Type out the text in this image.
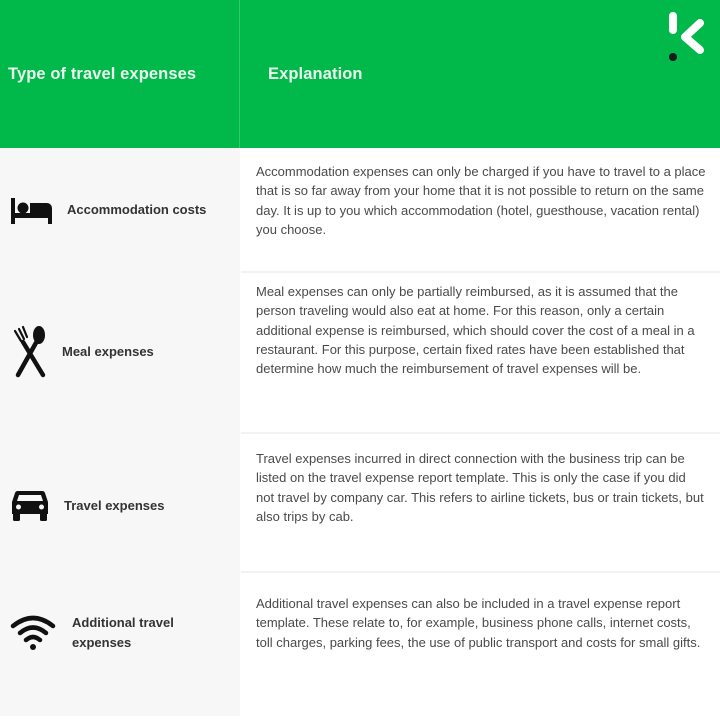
Type of travel expenses	Explanation
Accommodation costs
Accommodation expenses can only be charged if you have to travel to a place that is so far away from your home that it is not possible to return on the same day. It is up to you which accommodation (hotel, guesthouse, vacation rental) you choose.
Meal expenses
Meal expenses can only be partially reimbursed, as it is assumed that the person traveling would also eat at home. For this reason, only a certain additional expense is reimbursed, which should cover the cost of a meal in a restaurant. For this purpose, certain fixed rates have been established that determine how much the reimbursement of travel expenses will be.
Travel expenses
Travel expenses incurred in direct connection with the business trip can be listed on the travel expense report template. This is only the case if you did not travel by company car. This refers to airline tickets, bus or train tickets, but also trips by cab.
Additional travel expenses
Additional travel expenses can also be included in a travel expense report template. These relate to, for example, business phone calls, internet costs, toll charges, parking fees, the use of public transport and costs for small gifts.
